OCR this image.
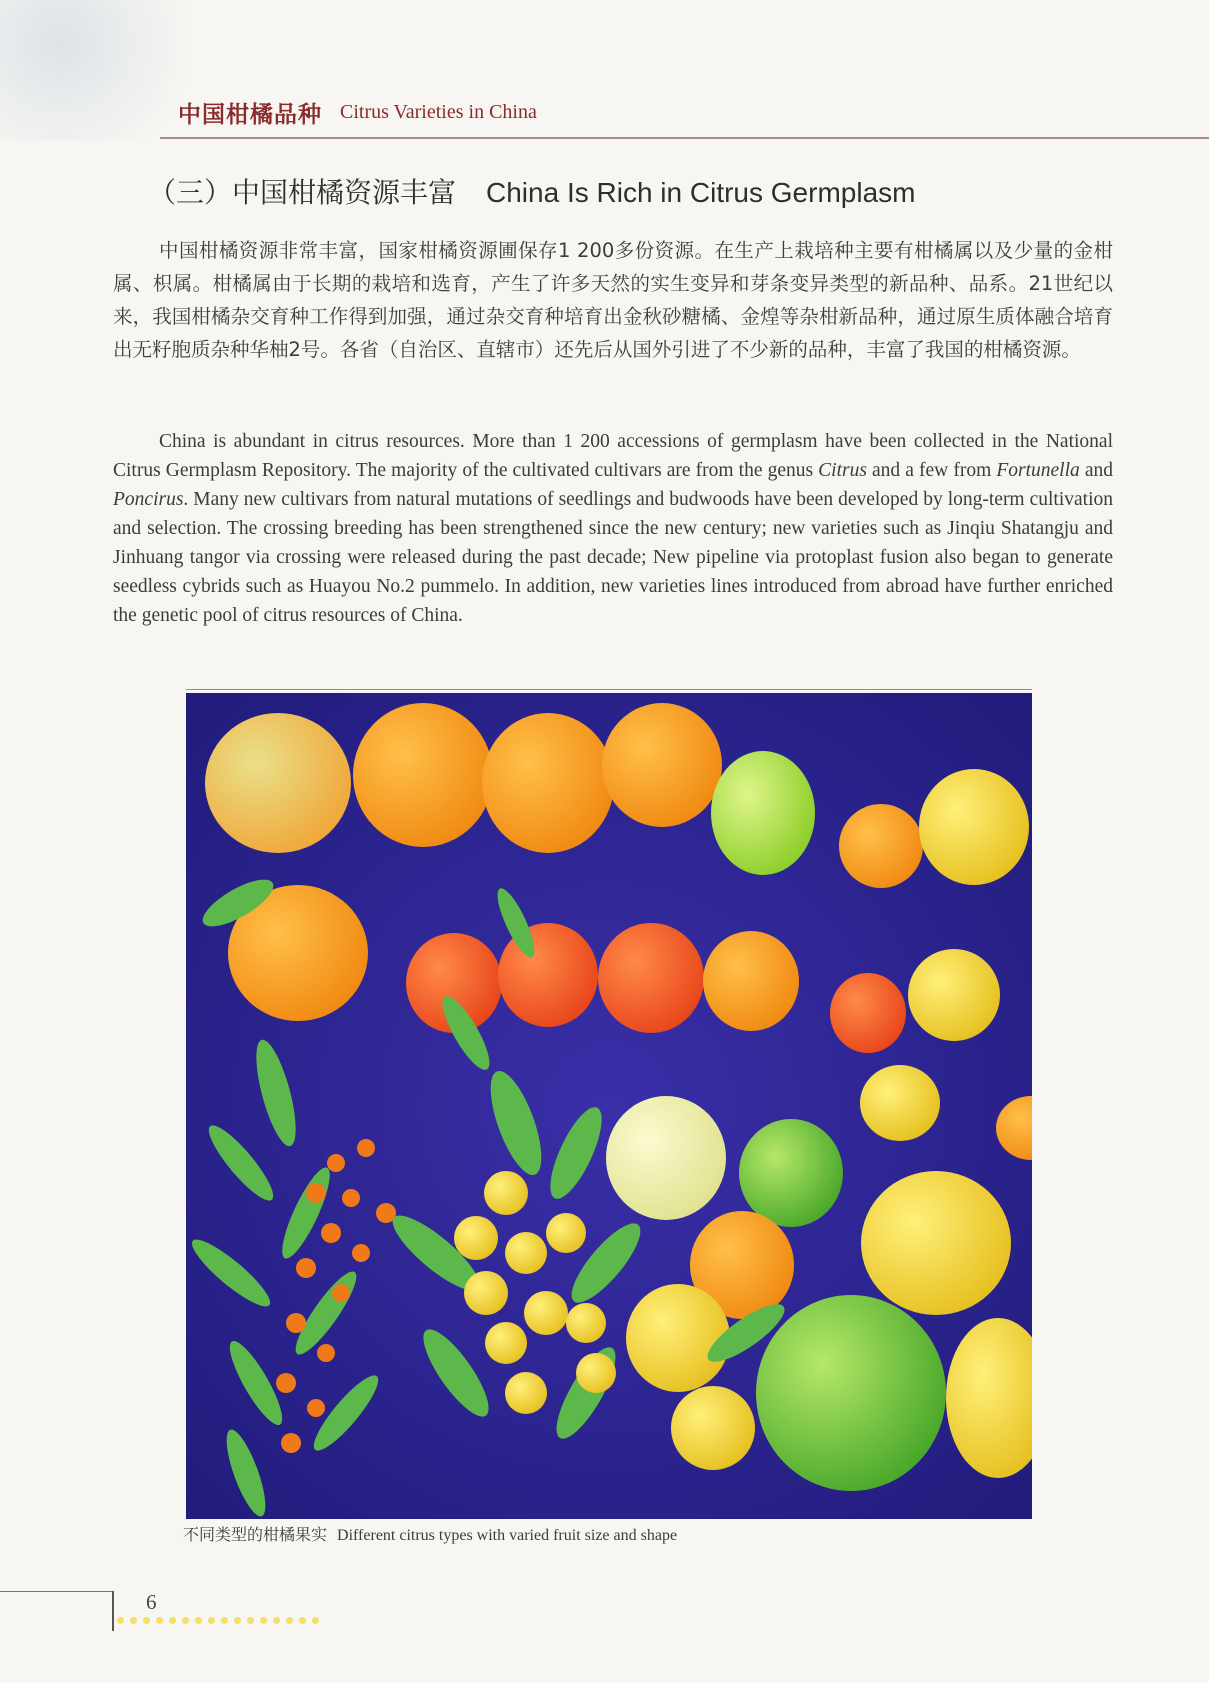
中国柑橘品种 Citrus Varieties in China
（三）中国柑橘资源丰富 China Is Rich in Citrus Germplasm

中国柑橘资源非常丰富，国家柑橘资源圃保存1 200多份资源。在生产上栽培种主要有柑橘属以及少量的金柑属、枳属。柑橘属由于长期的栽培和选育，产生了许多天然的实生变异和芽条变异类型的新品种、品系。21世纪以来，我国柑橘杂交育种工作得到加强，通过杂交育种培育出金秋砂糖橘、金煌等杂柑新品种，通过原生质体融合培育出无籽胞质杂种华柚2号。各省（自治区、直辖市）还先后从国外引进了不少新的品种，丰富了我国的柑橘资源。

China is abundant in citrus resources. More than 1 200 accessions of germplasm have been collected in the National Citrus Germplasm Repository. The majority of the cultivated cultivars are from the genus Citrus and a few from Fortunella and Poncirus. Many new cultivars from natural mutations of seedlings and budwoods have been developed by long-term cultivation and selection. The crossing breeding has been strengthened since the new century; new varieties such as Jinqiu Shatangju and Jinhuang tangor via crossing were released during the past decade; New pipeline via protoplast fusion also began to generate seedless cybrids such as Huayou No.2 pummelo. In addition, new varieties lines introduced from abroad have further enriched the genetic pool of citrus resources of China.

不同类型的柑橘果实 Different citrus types with varied fruit size and shape
6
